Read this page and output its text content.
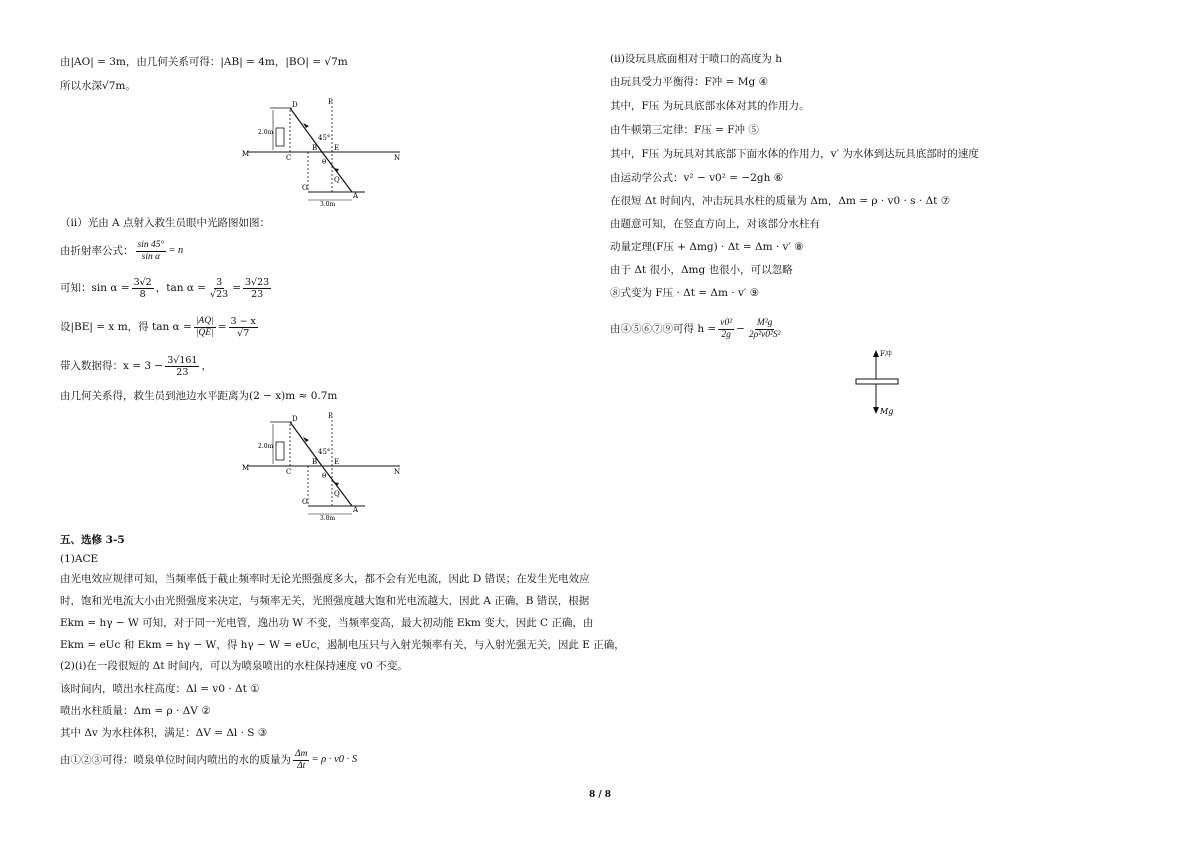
由|AO| = 3m，由几何关系可得：|AB| = 4m，|BO| = √7m
所以水深√7m。
D	P
45°
E
M	C
B
N
θ
Q
O
A
2.0m
3.0m
（ii）光由 A 点射入救生员眼中光路图如图：
由折射率公式： $\frac{\sin 45^\circ}{\text{sin α}} = n$
可知：$\sin \alpha = \frac{3√2}{8}$ ，$\tan \alpha = \frac{3}{√23} = \frac{3√23}{23}$
设|BE| = x m，得 $\tan \alpha = \frac{|AQ|}{|QE|} = \frac{3 - x}{√7}$
带入数据得：$x = 3 - \frac{3√161}{23}$ ，
由几何关系得，救生员到池边水平距离为(2 − x)m ≈ 0.7m
D	P
45°
E
M	C
B
N
θ
Q
O
A
2.0m
3.0m
五、选修 3-5
(1)ACE
由光电效应规律可知，当频率低于截止频率时无论光照强度多大，都不会有光电流，因此 D 错误；在发生光电效应
时，饱和光电流大小由光照强度来决定，与频率无关，光照强度越大饱和光电流越大，因此 A 正确，B 错误，根据
Ekm = hγ − W 可知，对于同一光电管，逸出功 W 不变，当频率变高，最大初动能 Ekm 变大，因此 C 正确，由
Ekm = eUc 和 Ekm = hγ − W，得 hγ − W = eUc，遏制电压只与入射光频率有关，与入射光强无关，因此 E 正确，
(2)(i)在一段很短的 Δt 时间内，可以为喷泉喷出的水柱保持速度 v0 不变。
该时间内，喷出水柱高度：Δl = v0 · Δt ①
喷出水柱质量：Δm = ρ · ΔV ②
其中 Δv 为水柱体积，满足：ΔV = Δl · S ③
由①②③可得：喷泉单位时间内喷出的水的质量为 $\frac{\Delta m}{\Delta t} = \rho \cdot v0 \cdot S$
(ii)设玩具底面相对于喷口的高度为 h
由玩具受力平衡得：F冲 = Mg ④
其中，F压 为玩具底部水体对其的作用力。
由牛顿第三定律：F压 = F冲 ⑤
其中，F压 为玩具对其底部下面水体的作用力，v′ 为水体到达玩具底部时的速度
由运动学公式：v² − v0² = −2gh ⑥
在很短 Δt 时间内，冲击玩具水柱的质量为 Δm，Δm = ρ · v0 · s · Δt ⑦
由题意可知，在竖直方向上，对该部分水柱有
动量定理(F压 + Δmg) · Δt = Δm · v′ ⑧
由于 Δt 很小，Δmg 也很小，可以忽略
⑧式变为 F压 · Δt = Δm · v′ ⑨
由④⑤⑥⑦⑨可得 $h = \frac{\text{v0²}}{2g} - \frac{\text{M²g}}{\text{2ρ²v0²S²}}$
F冲
Mg
8 / 8
